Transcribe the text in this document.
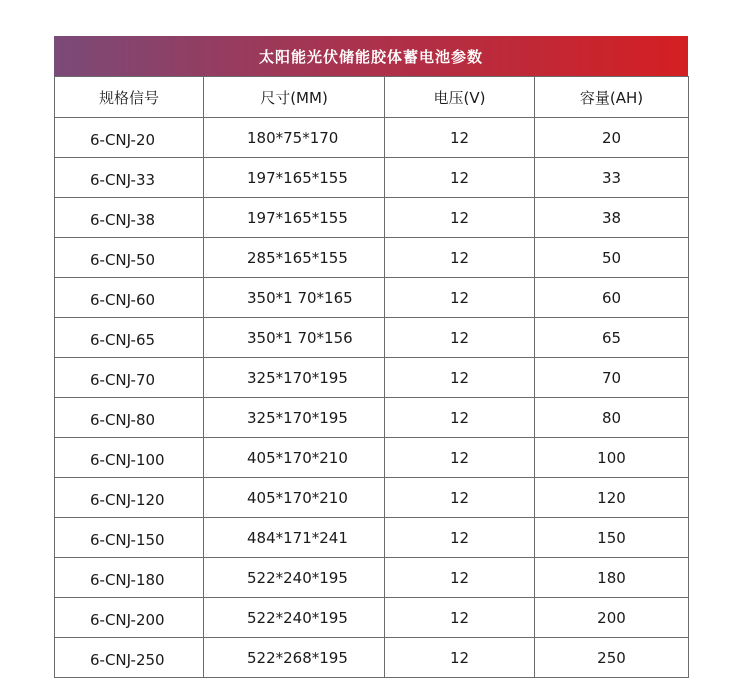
太阳能光伏储能胶体蓄电池参数
规格信号	尺寸(MM)	电压(V)	容量(AH)
6-CNJ-20	180*75*170	12	20
6-CNJ-33	197*165*155	12	33
6-CNJ-38	197*165*155	12	38
6-CNJ-50	285*165*155	12	50
6-CNJ-60	350*1 70*165	12	60
6-CNJ-65	350*1 70*156	12	65
6-CNJ-70	325*170*195	12	70
6-CNJ-80	325*170*195	12	80
6-CNJ-100	405*170*210	12	100
6-CNJ-120	405*170*210	12	120
6-CNJ-150	484*171*241	12	150
6-CNJ-180	522*240*195	12	180
6-CNJ-200	522*240*195	12	200
6-CNJ-250	522*268*195	12	250
